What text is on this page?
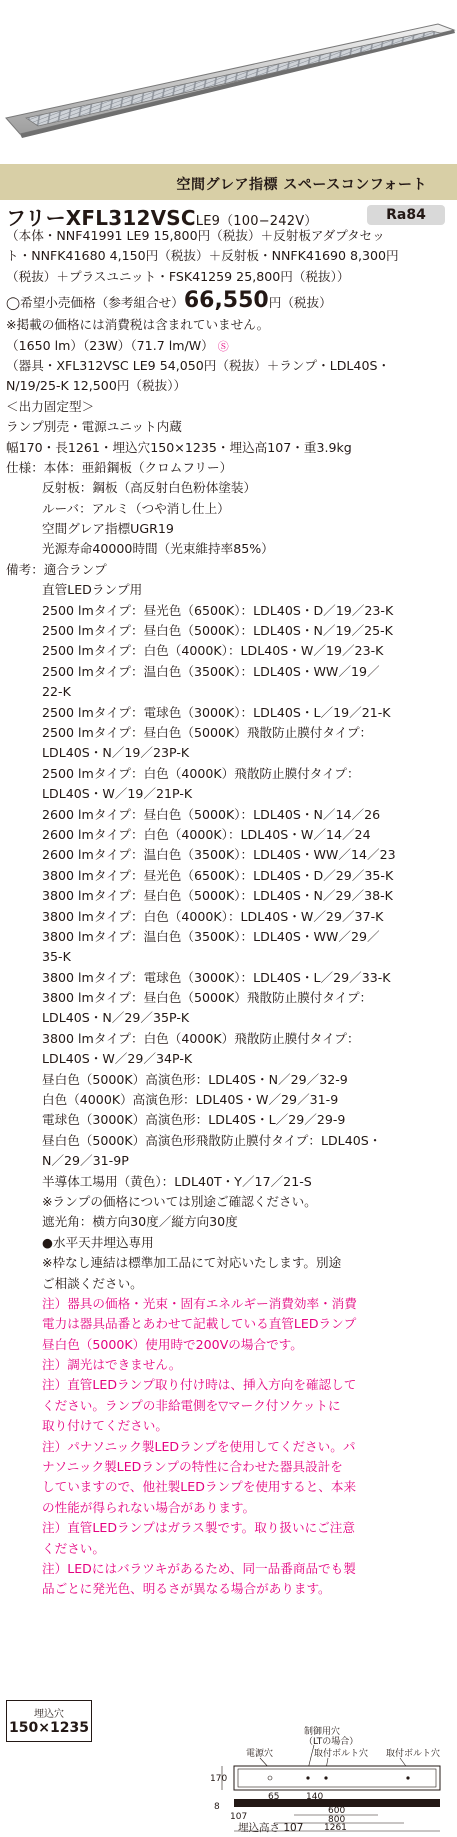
空間グレア指標 スペースコンフォート
フリーXFL312VSCLE9（100−242V）	Ra84
（本体・NNF41991 LE9 15,800円（税抜）＋反射板アダプタセッ
ト・NNFK41680 4,150円（税抜）＋反射板・NNFK41690 8,300円
（税抜）＋プラスユニット・FSK41259 25,800円（税抜））
◯希望小売価格（参考組合せ）66,550円（税抜）
※掲載の価格には消費税は含まれていません。
（1650 lm）（23W）（71.7 lm/W） Ⓢ
（器具・XFL312VSC LE9 54,050円（税抜）＋ランプ・LDL40S・
N/19/25-K 12,500円（税抜））
＜出力固定型＞
ランプ別売・電源ユニット内蔵
幅170・長1261・埋込穴150×1235・埋込高107・重3.9kg
仕様：本体：亜鉛鋼板（クロムフリー）
反射板：鋼板（高反射白色粉体塗装）
ルーバ：アルミ（つや消し仕上）
空間グレア指標UGR19
光源寿命40000時間（光束維持率85%）
備考：適合ランプ
直管LEDランプ用
2500 lmタイプ：昼光色（6500K）：LDL40S・D／19／23-K
2500 lmタイプ：昼白色（5000K）：LDL40S・N／19／25-K
2500 lmタイプ：白色（4000K）：LDL40S・W／19／23-K
2500 lmタイプ：温白色（3500K）：LDL40S・WW／19／
22-K
2500 lmタイプ：電球色（3000K）：LDL40S・L／19／21-K
2500 lmタイプ：昼白色（5000K）飛散防止膜付タイプ：
LDL40S・N／19／23P-K
2500 lmタイプ：白色（4000K）飛散防止膜付タイプ：
LDL40S・W／19／21P-K
2600 lmタイプ：昼白色（5000K）：LDL40S・N／14／26
2600 lmタイプ：白色（4000K）：LDL40S・W／14／24
2600 lmタイプ：温白色（3500K）：LDL40S・WW／14／23
3800 lmタイプ：昼光色（6500K）：LDL40S・D／29／35-K
3800 lmタイプ：昼白色（5000K）：LDL40S・N／29／38-K
3800 lmタイプ：白色（4000K）：LDL40S・W／29／37-K
3800 lmタイプ：温白色（3500K）：LDL40S・WW／29／
35-K
3800 lmタイプ：電球色（3000K）：LDL40S・L／29／33-K
3800 lmタイプ：昼白色（5000K）飛散防止膜付タイプ：
LDL40S・N／29／35P-K
3800 lmタイプ：白色（4000K）飛散防止膜付タイプ：
LDL40S・W／29／34P-K
昼白色（5000K）高演色形：LDL40S・N／29／32-9
白色（4000K）高演色形：LDL40S・W／29／31-9
電球色（3000K）高演色形：LDL40S・L／29／29-9
昼白色（5000K）高演色形飛散防止膜付タイプ：LDL40S・
N／29／31-9P
半導体工場用（黄色）：LDL40T・Y／17／21-S
※ランプの価格については別途ご確認ください。
遮光角：横方向30度／縦方向30度
●水平天井埋込専用
※枠なし連結は標準加工品にて対応いたします。別途
ご相談ください。
注）器具の価格・光束・固有エネルギー消費効率・消費
電力は器具品番とあわせて記載している直管LEDランプ
昼白色（5000K）使用時で200Vの場合です。
注）調光はできません。
注）直管LEDランプ取り付け時は、挿入方向を確認して
ください。ランプの非給電側を▽マーク付ソケットに
取り付けてください。
注）パナソニック製LEDランプを使用してください。パ
ナソニック製LEDランプの特性に合わせた器具設計を
していますので、他社製LEDランプを使用すると、本来
の性能が得られない場合があります。
注）直管LEDランプはガラス製です。取り扱いにご注意
ください。
注）LEDにはバラツキがあるため、同一品番商品でも製
品ごとに発光色、明るさが異なる場合があります。
埋込穴
150×1235	制御用穴
（LTの場合）
電源穴	取付ボルト穴 取付ボルト穴
170
8
107
65	140
600
800
1261
埋込高さ 107
